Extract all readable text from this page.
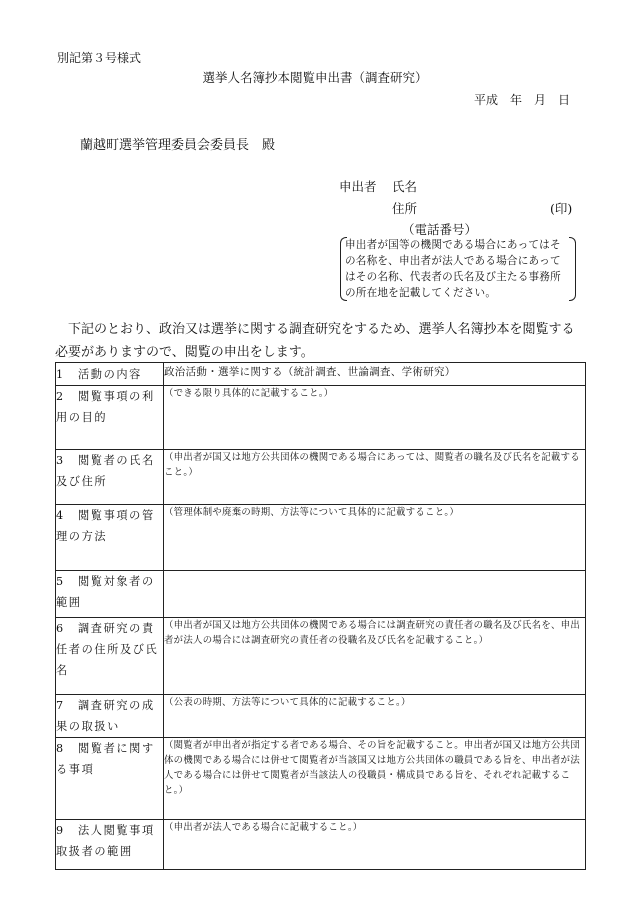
別記第３号様式
選挙人名簿抄本閲覧申出書（調査研究）
平成　年　月　日
蘭越町選挙管理委員会委員長　殿
申出者 氏名
住所	(印)
（電話番号）
申出者が国等の機関である場合にあってはその名称を、申出者が法人である場合にあってはその名称、代表者の氏名及び主たる事務所の所在地を記載してください。
下記のとおり、政治又は選挙に関する調査研究をするため、選挙人名簿抄本を閲覧する必要がありますので、閲覧の申出をします。
1 活動の内容	政治活動・選挙に関する（統計調査、世論調査、学術研究）
2 閲覧事項の利用の目的	（できる限り具体的に記載すること。）
3 閲覧者の氏名及び住所	（申出者が国又は地方公共団体の機関である場合にあっては、閲覧者の職名及び氏名を記載すること。）
4 閲覧事項の管理の方法	（管理体制や廃棄の時期、方法等について具体的に記載すること。）
5 閲覧対象者の範囲	
6 調査研究の責任者の住所及び氏名	（申出者が国又は地方公共団体の機関である場合には調査研究の責任者の職名及び氏名を、申出者が法人の場合には調査研究の責任者の役職名及び氏名を記載すること。）
7 調査研究の成果の取扱い	（公表の時期、方法等について具体的に記載すること。）
8 閲覧者に関する事項	（閲覧者が申出者が指定する者である場合、その旨を記載すること。申出者が国又は地方公共団体の機関である場合には併せて閲覧者が当該国又は地方公共団体の職員である旨を、申出者が法人である場合には併せて閲覧者が当該法人の役職員・構成員である旨を、それぞれ記載すること。）
9 法人閲覧事項取扱者の範囲	（申出者が法人である場合に記載すること。）
